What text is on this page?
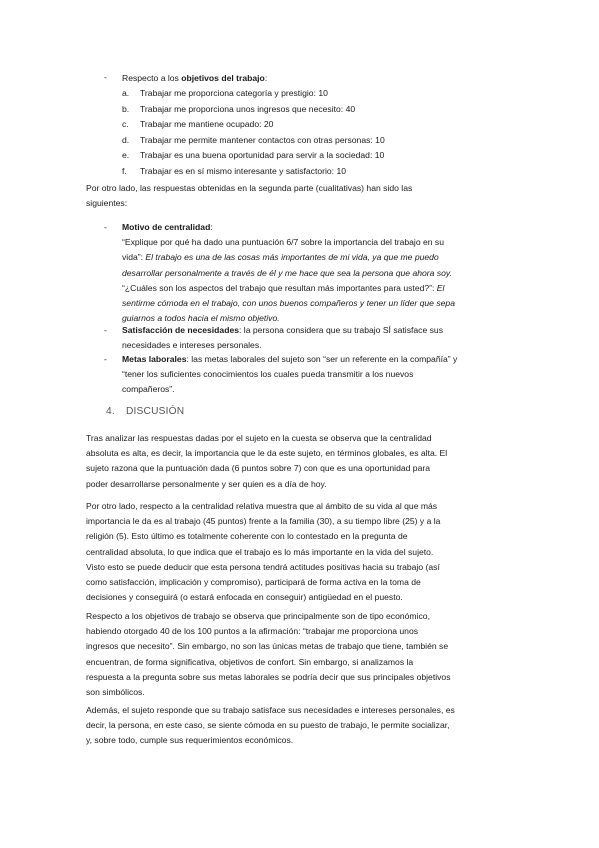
- Respecto a los objetivos del trabajo:
a. Trabajar me proporciona categoría y prestigio: 10
b. Trabajar me proporciona unos ingresos que necesito: 40
c. Trabajar me mantiene ocupado: 20
d. Trabajar me permite mantener contactos con otras personas: 10
e. Trabajar es una buena oportunidad para servir a la sociedad: 10
f. Trabajar es en sí mismo interesante y satisfactorio: 10

Por otro lado, las respuestas obtenidas en la segunda parte (cualitativas) han sido las

siguientes:

- Motivo de centralidad:

“Explique por qué ha dado una puntuación 6/7 sobre la importancia del trabajo en su

vida”: El trabajo es una de las cosas más importantes de mi vida, ya que me puedo

desarrollar personalmente a través de él y me hace que sea la persona que ahora soy.

“¿Cuáles son los aspectos del trabajo que resultan más importantes para usted?”: El

sentirme cómoda en el trabajo, con unos buenos compañeros y tener un líder que sepa

guiarnos a todos hacia el mismo objetivo.

- Satisfacción de necesidades: la persona considera que su trabajo SÍ satisface sus

necesidades e intereses personales.

- Metas laborales: las metas laborales del sujeto son “ser un referente en la compañía” y

“tener los suficientes conocimientos los cuales pueda transmitir a los nuevos

compañeros”.

4. DISCUSIÓN

Tras analizar las respuestas dadas por el sujeto en la cuesta se observa que la centralidad

absoluta es alta, es decir, la importancia que le da este sujeto, en términos globales, es alta. El

sujeto razona que la puntuación dada (6 puntos sobre 7) con que es una oportunidad para

poder desarrollarse personalmente y ser quien es a día de hoy.

Por otro lado, respecto a la centralidad relativa muestra que al ámbito de su vida al que más

importancia le da es al trabajo (45 puntos) frente a la familia (30), a su tiempo libre (25) y a la

religión (5). Esto último es totalmente coherente con lo contestado en la pregunta de

centralidad absoluta, lo que indica que el trabajo es lo más importante en la vida del sujeto.

Visto esto se puede deducir que esta persona tendrá actitudes positivas hacia su trabajo (así

como satisfacción, implicación y compromiso), participará de forma activa en la toma de

decisiones y conseguirá (o estará enfocada en conseguir) antigüedad en el puesto.

Respecto a los objetivos de trabajo se observa que principalmente son de tipo económico,

habiendo otorgado 40 de los 100 puntos a la afirmación: “trabajar me proporciona unos

ingresos que necesito”. Sin embargo, no son las únicas metas de trabajo que tiene, también se

encuentran, de forma significativa, objetivos de confort. Sin embargo, si analizamos la

respuesta a la pregunta sobre sus metas laborales se podría decir que sus principales objetivos

son simbólicos.

Además, el sujeto responde que su trabajo satisface sus necesidades e intereses personales, es

decir, la persona, en este caso, se siente cómoda en su puesto de trabajo, le permite socializar,

y, sobre todo, cumple sus requerimientos económicos.
